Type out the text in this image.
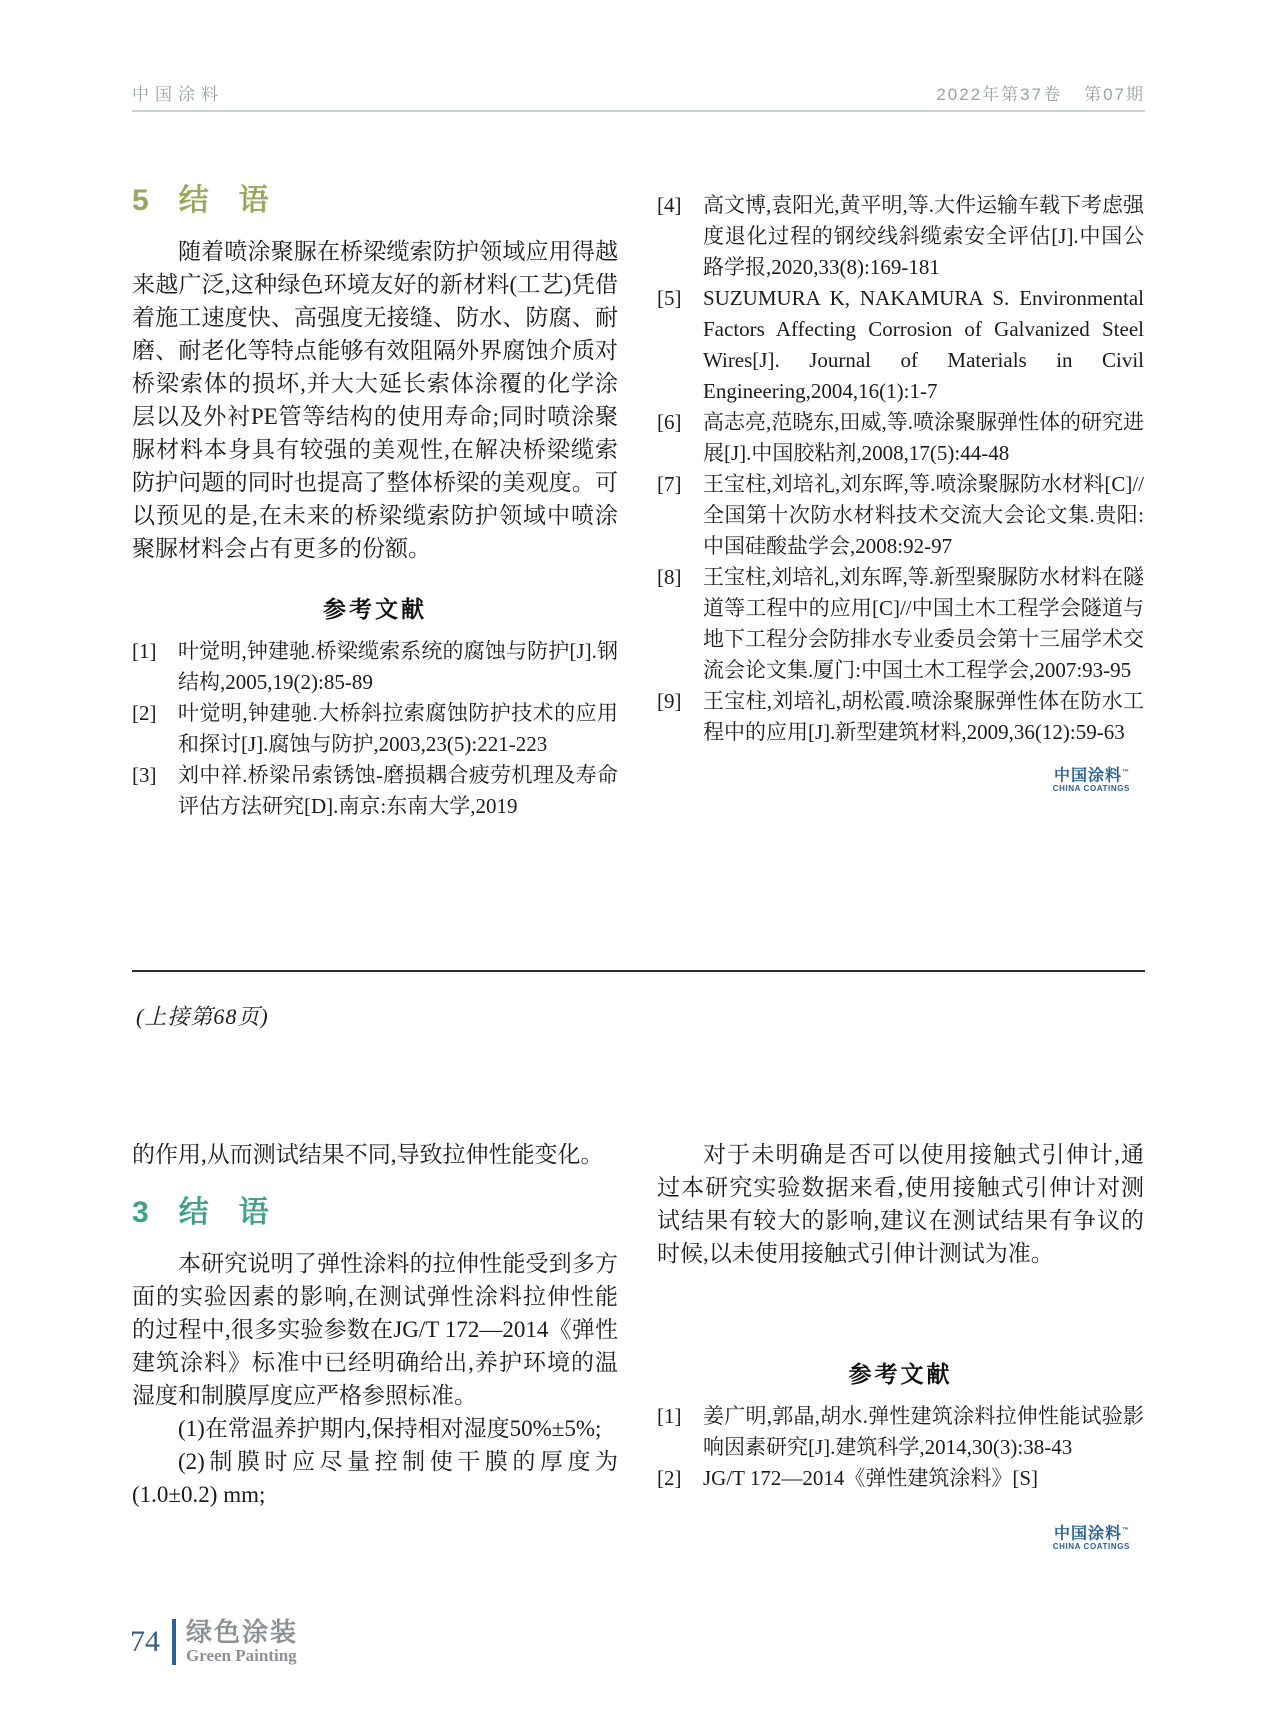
中国涂料	2022年第37卷 第07期
5 结　语

随着喷涂聚脲在桥梁缆索防护领域应用得越来越广泛,这种绿色环境友好的新材料(工艺)凭借着施工速度快、高强度无接缝、防水、防腐、耐磨、耐老化等特点能够有效阻隔外界腐蚀介质对桥梁索体的损坏,并大大延长索体涂覆的化学涂层以及外衬PE管等结构的使用寿命;同时喷涂聚脲材料本身具有较强的美观性,在解决桥梁缆索防护问题的同时也提高了整体桥梁的美观度。可以预见的是,在未来的桥梁缆索防护领域中喷涂聚脲材料会占有更多的份额。

参考文献
[1]	叶觉明,钟建驰.桥梁缆索系统的腐蚀与防护[J].钢结构,2005,19(2):85-89
[2]	叶觉明,钟建驰.大桥斜拉索腐蚀防护技术的应用和探讨[J].腐蚀与防护,2003,23(5):221-223
[3]	刘中祥.桥梁吊索锈蚀-磨损耦合疲劳机理及寿命评估方法研究[D].南京:东南大学,2019
[4]	高文博,袁阳光,黄平明,等.大件运输车载下考虑强度退化过程的钢绞线斜缆索安全评估[J].中国公路学报,2020,33(8):169-181
[5]	SUZUMURA K, NAKAMURA S. Environmental Factors Affecting Corrosion of Galvanized Steel Wires[J]. Journal of Materials in Civil Engineering,2004,16(1):1-7
[6]	高志亮,范晓东,田威,等.喷涂聚脲弹性体的研究进展[J].中国胶粘剂,2008,17(5):44-48
[7]	王宝柱,刘培礼,刘东晖,等.喷涂聚脲防水材料[C]//全国第十次防水材料技术交流大会论文集.贵阳:中国硅酸盐学会,2008:92-97
[8]	王宝柱,刘培礼,刘东晖,等.新型聚脲防水材料在隧道等工程中的应用[C]//中国土木工程学会隧道与地下工程分会防排水专业委员会第十三届学术交流会论文集.厦门:中国土木工程学会,2007:93-95
[9]	王宝柱,刘培礼,胡松霞.喷涂聚脲弹性体在防水工程中的应用[J].新型建筑材料,2009,36(12):59-63
中国涂料™
CHINA COATINGS
(上接第68页)

的作用,从而测试结果不同,导致拉伸性能变化。

3 结　语

本研究说明了弹性涂料的拉伸性能受到多方面的实验因素的影响,在测试弹性涂料拉伸性能的过程中,很多实验参数在JG/T 172—2014《弹性建筑涂料》标准中已经明确给出,养护环境的温湿度和制膜厚度应严格参照标准。

(1)在常温养护期内,保持相对湿度50%±5%;

(2)制膜时应尽量控制使干膜的厚度为(1.0±0.2) mm;

对于未明确是否可以使用接触式引伸计,通过本研究实验数据来看,使用接触式引伸计对测试结果有较大的影响,建议在测试结果有争议的时候,以未使用接触式引伸计测试为准。

参考文献
[1]	姜广明,郭晶,胡水.弹性建筑涂料拉伸性能试验影响因素研究[J].建筑科学,2014,30(3):38-43
[2]	JG/T 172—2014《弹性建筑涂料》[S]
中国涂料™
CHINA COATINGS
74 绿色涂装
Green Painting
